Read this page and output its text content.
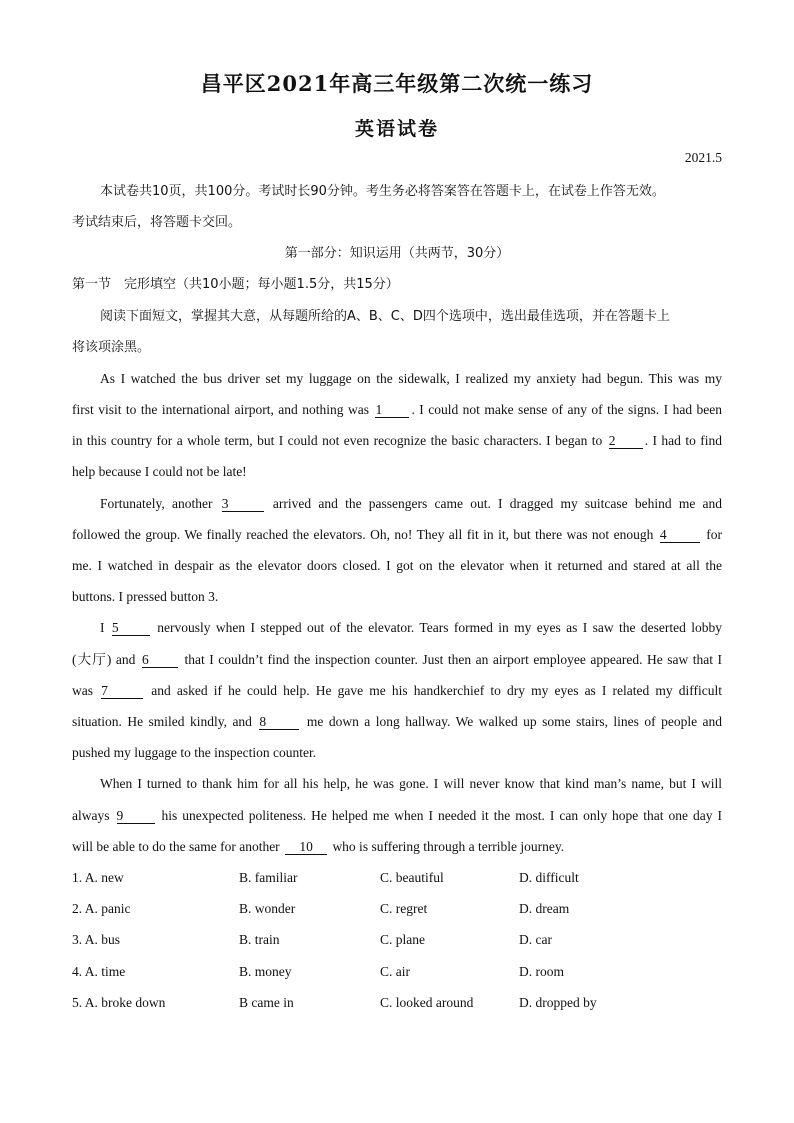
昌平区2021年高三年级第二次统一练习
英语试卷
2021.5
本试卷共10页，共100分。考试时长90分钟。考生务必将答案答在答题卡上，在试卷上作答无效。
考试结束后，将答题卡交回。
第一部分：知识运用（共两节，30分）
第一节　完形填空（共10小题；每小题1.5分，共15分）
阅读下面短文，掌握其大意，从每题所给的A、B、C、D四个选项中，选出最佳选项，并在答题卡上
将该项涂黑。
As I watched the bus driver set my luggage on the sidewalk, I realized my anxiety had begun. This was my
first visit to the international airport, and nothing was 1 . I could not make sense of any of the signs. I had been
in this country for a whole term, but I could not even recognize the basic characters. I began to 2 . I had to find
help because I could not be late!
Fortunately, another 3	arrived and the passengers came out. I dragged my suitcase behind me and
followed the group. We finally reached the elevators. Oh, no! They all fit in it, but there was not enough 4	for
me. I watched in despair as the elevator doors closed. I got on the elevator when it returned and stared at all the
buttons. I pressed button 3.
I 5	nervously when I stepped out of the elevator. Tears formed in my eyes as I saw the deserted lobby
(大厅) and 6	that I couldn’t find the inspection counter. Just then an airport employee appeared. He saw that I
was 7	and asked if he could help. He gave me his handkerchief to dry my eyes as I related my difficult
situation. He smiled kindly, and 8	me down a long hallway. We walked up some stairs, lines of people and
pushed my luggage to the inspection counter.
When I turned to thank him for all his help, he was gone. I will never know that kind man’s name, but I will
always 9	his unexpected politeness. He helped me when I needed it the most. I can only hope that one day I
will be able to do the same for another 10 who is suffering through a terrible journey.
1. A. new	B. familiar	C. beautiful	D. difficult
2. A. panic	B. wonder	C. regret	D. dream
3. A. bus	B. train	C. plane	D. car
4. A. time	B. money	C. air	D. room
5. A. broke down	B came in	C. looked around	D. dropped by
